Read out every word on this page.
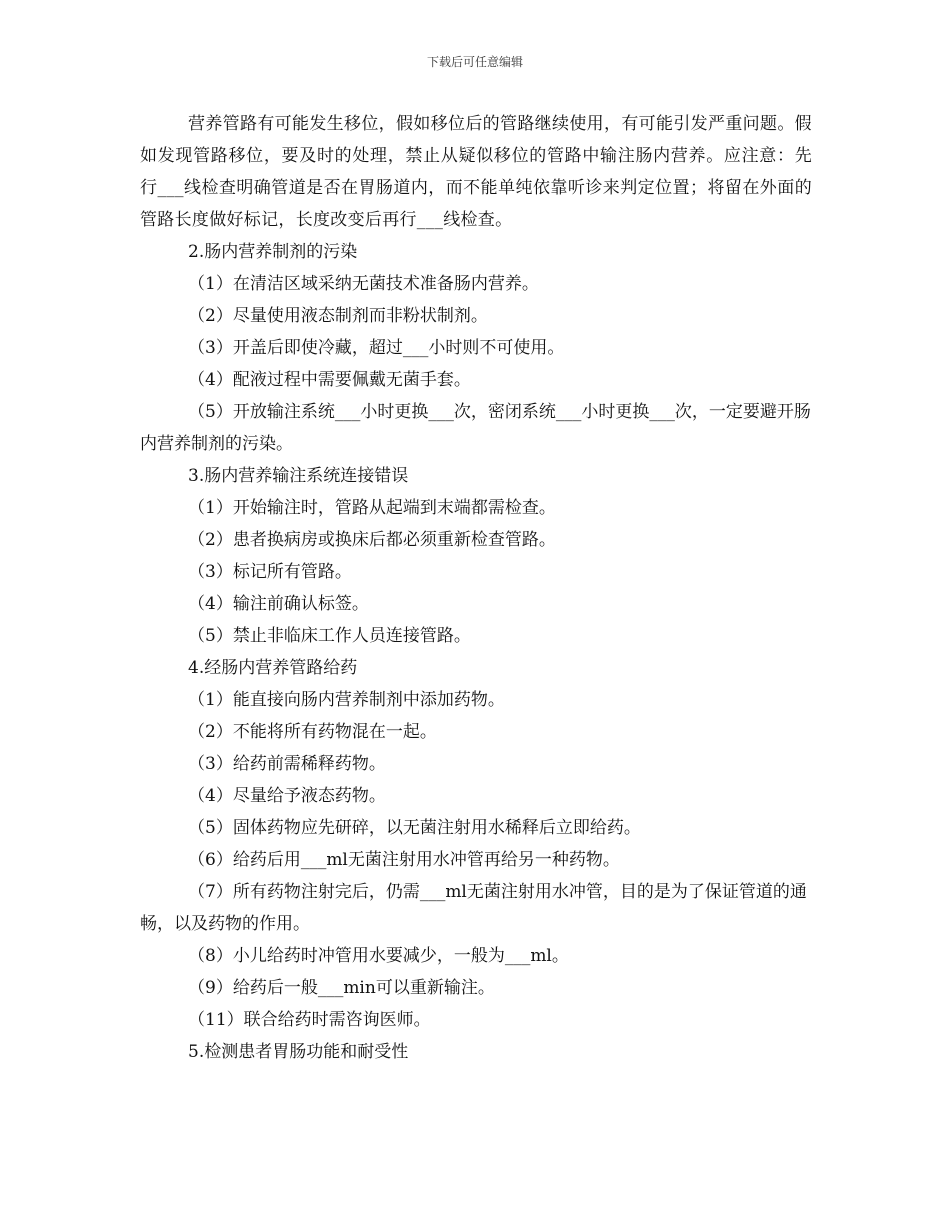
下载后可任意编辑

营养管路有可能发生移位，假如移位后的管路继续使用，有可能引发严重问题。假如发现管路移位，要及时的处理，禁止从疑似移位的管路中输注肠内营养。应注意：先行___线检查明确管道是否在胃肠道内，而不能单纯依靠听诊来判定位置；将留在外面的管路长度做好标记，长度改变后再行___线检查。

2.肠内营养制剂的污染

（1）在清洁区域采纳无菌技术准备肠内营养。

（2）尽量使用液态制剂而非粉状制剂。

（3）开盖后即使冷藏，超过___小时则不可使用。

（4）配液过程中需要佩戴无菌手套。

（5）开放输注系统___小时更换___次，密闭系统___小时更换___次，一定要避开肠内营养制剂的污染。

3.肠内营养输注系统连接错误

（1）开始输注时，管路从起端到末端都需检查。

（2）患者换病房或换床后都必须重新检查管路。

（3）标记所有管路。

（4）输注前确认标签。

（5）禁止非临床工作人员连接管路。

4.经肠内营养管路给药

（1）能直接向肠内营养制剂中添加药物。

（2）不能将所有药物混在一起。

（3）给药前需稀释药物。

（4）尽量给予液态药物。

（5）固体药物应先研碎，以无菌注射用水稀释后立即给药。

（6）给药后用___ml无菌注射用水冲管再给另一种药物。

（7）所有药物注射完后，仍需___ml无菌注射用水冲管，目的是为了保证管道的通畅，以及药物的作用。

（8）小儿给药时冲管用水要减少，一般为___ml。

（9）给药后一般___min可以重新输注。

（11）联合给药时需咨询医师。

5.检测患者胃肠功能和耐受性
